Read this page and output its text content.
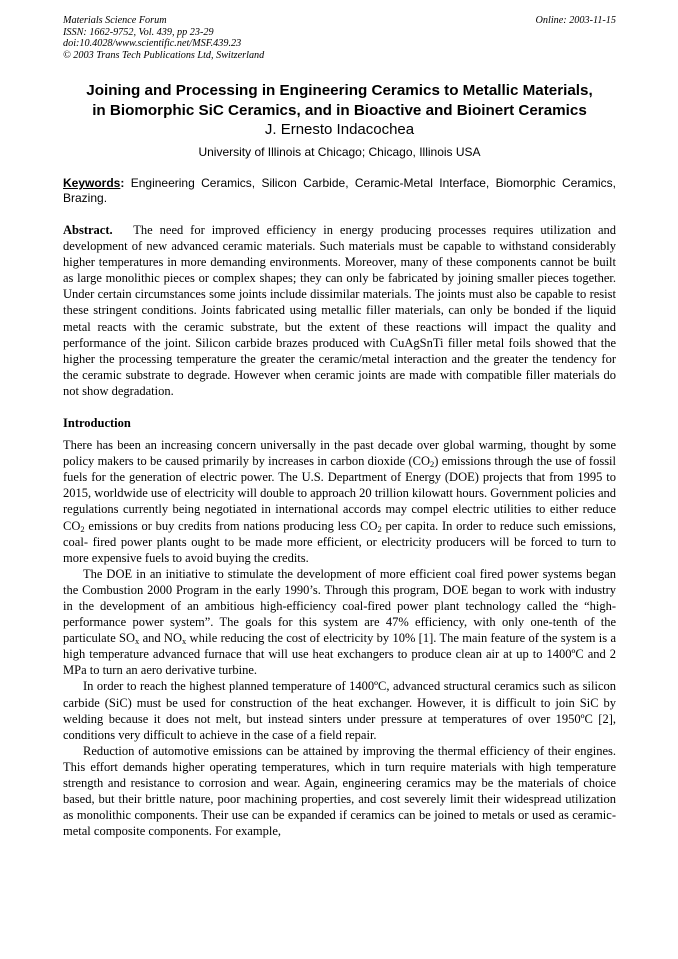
Materials Science Forum
ISSN: 1662-9752, Vol. 439, pp 23-29
doi:10.4028/www.scientific.net/MSF.439.23
© 2003 Trans Tech Publications Ltd, Switzerland
Online: 2003-11-15
Joining and Processing in Engineering Ceramics to Metallic Materials,
in Biomorphic SiC Ceramics, and in Bioactive and Bioinert Ceramics
J. Ernesto Indacochea
University of Illinois at Chicago; Chicago, Illinois USA
Keywords: Engineering Ceramics, Silicon Carbide, Ceramic-Metal Interface, Biomorphic Ceramics, Brazing.
Abstract. The need for improved efficiency in energy producing processes requires utilization and development of new advanced ceramic materials. Such materials must be capable to withstand considerably higher temperatures in more demanding environments. Moreover, many of these components cannot be built as large monolithic pieces or complex shapes; they can only be fabricated by joining smaller pieces together. Under certain circumstances some joints include dissimilar materials. The joints must also be capable to resist these stringent conditions. Joints fabricated using metallic filler materials, can only be bonded if the liquid metal reacts with the ceramic substrate, but the extent of these reactions will impact the quality and performance of the joint. Silicon carbide brazes produced with CuAgSnTi filler metal foils showed that the higher the processing temperature the greater the ceramic/metal interaction and the greater the tendency for the ceramic substrate to degrade. However when ceramic joints are made with compatible filler materials do not show degradation.
Introduction
There has been an increasing concern universally in the past decade over global warming, thought by some policy makers to be caused primarily by increases in carbon dioxide $(CO_2)$ emissions through the use of fossil fuels for the generation of electric power. The U.S. Department of Energy (DOE) projects that from 1995 to 2015, worldwide use of electricity will double to approach 20 trillion kilowatt hours. Government policies and regulations currently being negotiated in international accords may compel electric utilities to either reduce $CO_2$ emissions or buy credits from nations producing less $CO_2$ per capita. In order to reduce such emissions, coal- fired power plants ought to be made more efficient, or electricity producers will be forced to turn to more expensive fuels to avoid buying the credits.
The DOE in an initiative to stimulate the development of more efficient coal fired power systems began the Combustion 2000 Program in the early 1990’s. Through this program, DOE began to work with industry in the development of an ambitious high-efficiency coal-fired power plant technology called the “high-performance power system”. The goals for this system are 47% efficiency, with only one-tenth of the particulate $SO_x$ and $NO_x$ while reducing the cost of electricity by 10% [1]. The main feature of the system is a high temperature advanced furnace that will use heat exchangers to produce clean air at up to 1400ºC and 2 MPa to turn an aero derivative turbine.
In order to reach the highest planned temperature of 1400ºC, advanced structural ceramics such as silicon carbide (SiC) must be used for construction of the heat exchanger. However, it is difficult to join SiC by welding because it does not melt, but instead sinters under pressure at temperatures of over 1950ºC [2], conditions very difficult to achieve in the case of a field repair.
Reduction of automotive emissions can be attained by improving the thermal efficiency of their engines. This effort demands higher operating temperatures, which in turn require materials with high temperature strength and resistance to corrosion and wear. Again, engineering ceramics may be the materials of choice based, but their brittle nature, poor machining properties, and cost severely limit their widespread utilization as monolithic components. Their use can be expanded if ceramics can be joined to metals or used as ceramic-metal composite components. For example,
